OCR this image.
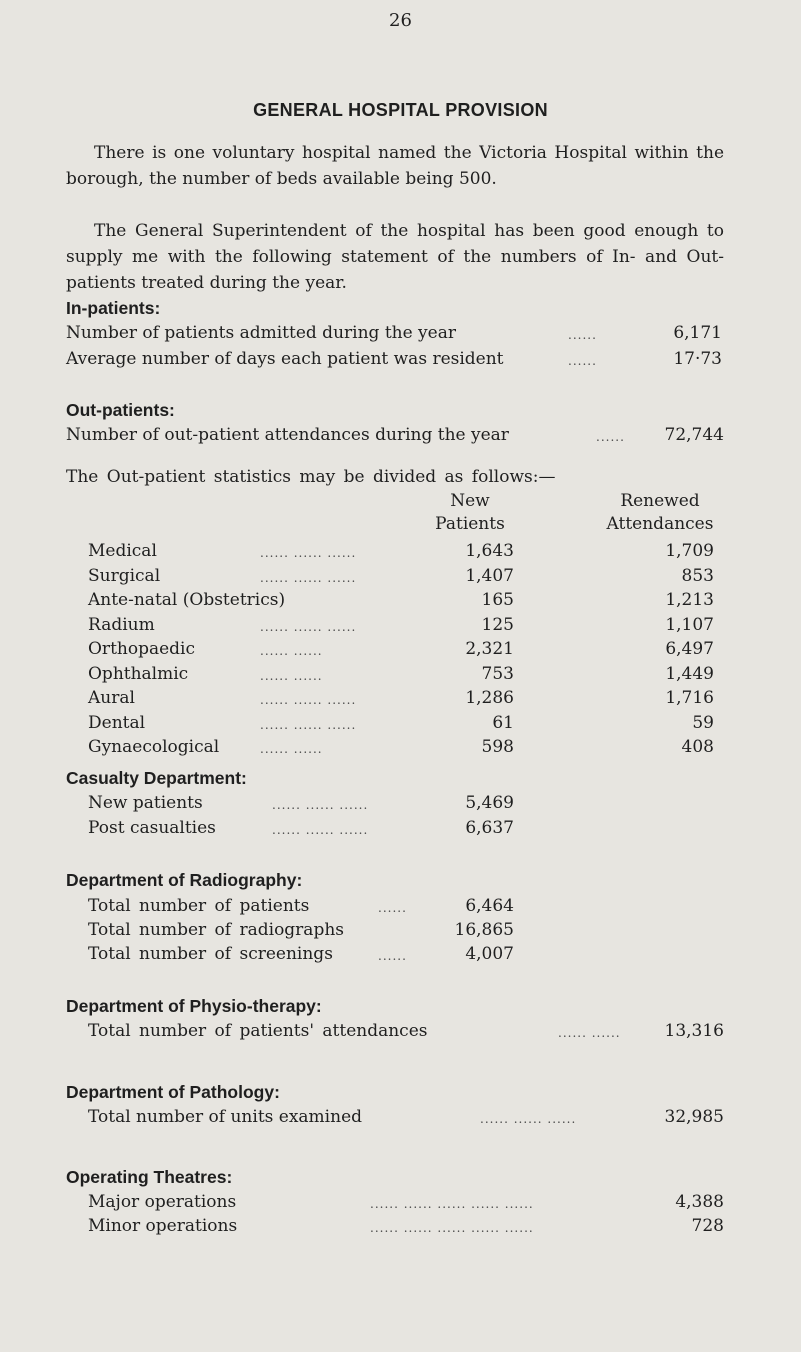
26
GENERAL HOSPITAL PROVISION
There is one voluntary hospital named the Victoria Hospital within the borough, the number of beds available being 500.
The General Superintendent of the hospital has been good enough to supply me with the following statement of the numbers of In- and Out-patients treated during the year.
In-patients:
Number of patients admitted during the year	......	6,171
Average number of days each patient was resident	......	17·73
Out-patients:
Number of out-patient attendances during the year	......	72,744
The Out-patient statistics may be divided as follows:—
New
Patients
Renewed
Attendances
Medical	...... ...... ......	1,643	1,709
Surgical	...... ...... ......	1,407	853
Ante-natal (Obstetrics)	165	1,213
Radium	...... ...... ......	125	1,107
Orthopaedic	...... ......	2,321	6,497
Ophthalmic	...... ......	753	1,449
Aural	...... ...... ......	1,286	1,716
Dental	...... ...... ......	61	59
Gynaecological	...... ......	598	408
Casualty Department:
New patients	...... ...... ......	5,469
Post casualties	...... ...... ......	6,637
Department of Radiography:
Total number of patients	......	6,464
Total number of radiographs	16,865
Total number of screenings	......	4,007
Department of Physio-therapy:
Total number of patients' attendances	...... ......	13,316
Department of Pathology:
Total number of units examined	...... ...... ......	32,985
Operating Theatres:
Major operations	...... ...... ...... ...... ......	4,388
Minor operations	...... ...... ...... ...... ......	728
